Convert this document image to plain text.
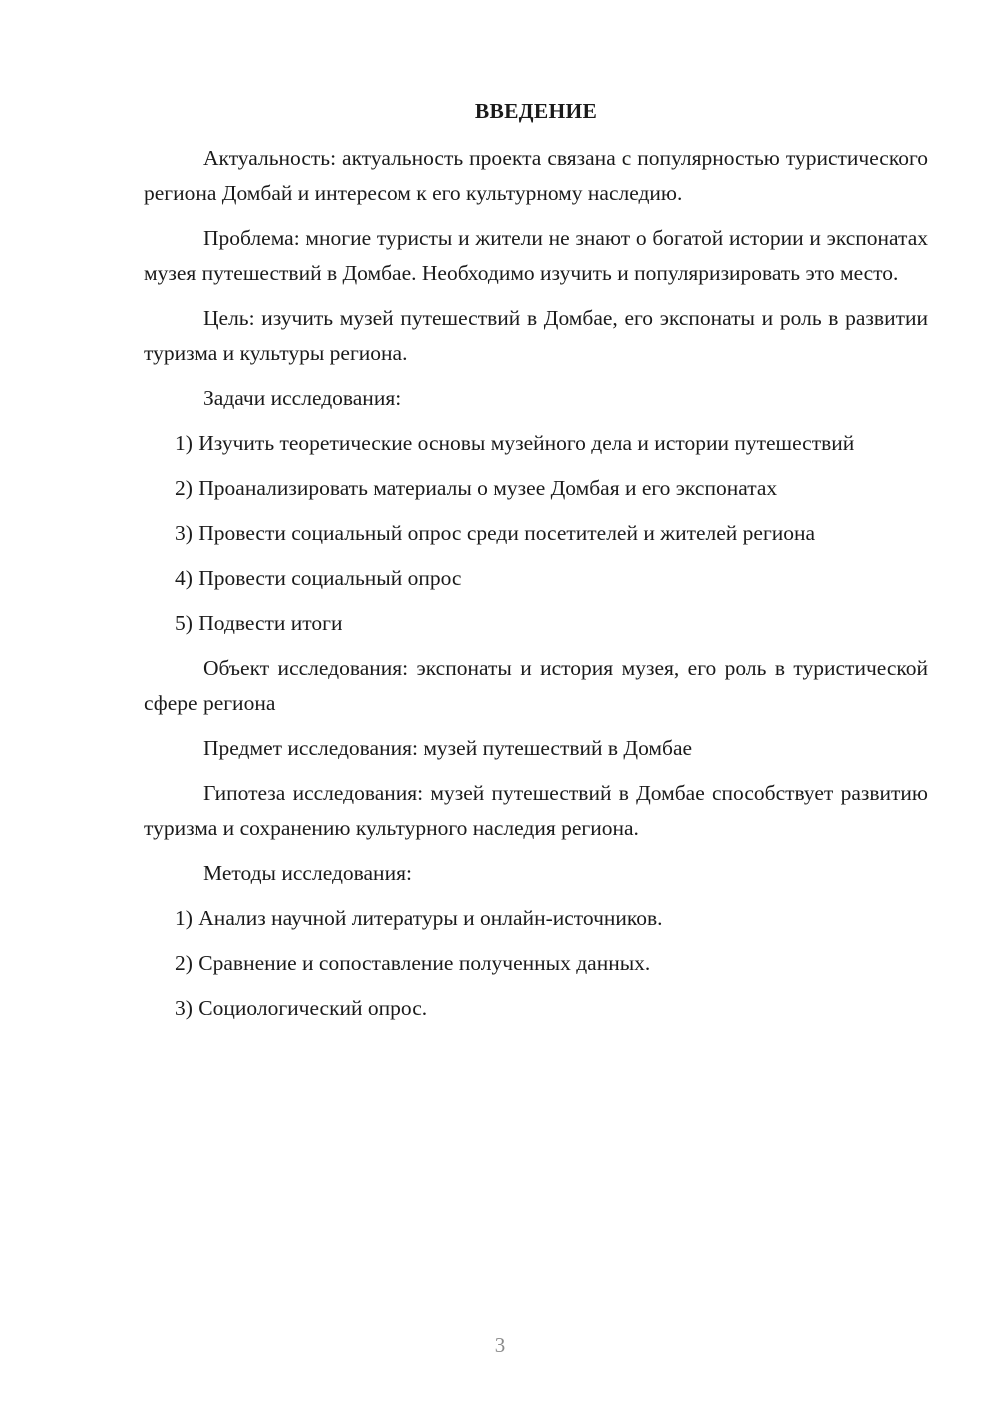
ВВЕДЕНИЕ

Актуальность: актуальность проекта связана с популярностью туристического региона Домбай и интересом к его культурному наследию.

Проблема: многие туристы и жители не знают о богатой истории и экспонатах музея путешествий в Домбае. Необходимо изучить и популяризировать это место.

Цель: изучить музей путешествий в Домбае, его экспонаты и роль в развитии туризма и культуры региона.

Задачи исследования:

1) Изучить теоретические основы музейного дела и истории путешествий

2) Проанализировать материалы о музее Домбая и его экспонатах

3) Провести социальный опрос среди посетителей и жителей региона

4) Провести социальный опрос

5) Подвести итоги

Объект исследования: экспонаты и история музея, его роль в туристической сфере региона

Предмет исследования: музей путешествий в Домбае

Гипотеза исследования: музей путешествий в Домбае способствует развитию туризма и сохранению культурного наследия региона.

Методы исследования:

1) Анализ научной литературы и онлайн-источников.

2) Сравнение и сопоставление полученных данных.

3) Социологический опрос.

3
